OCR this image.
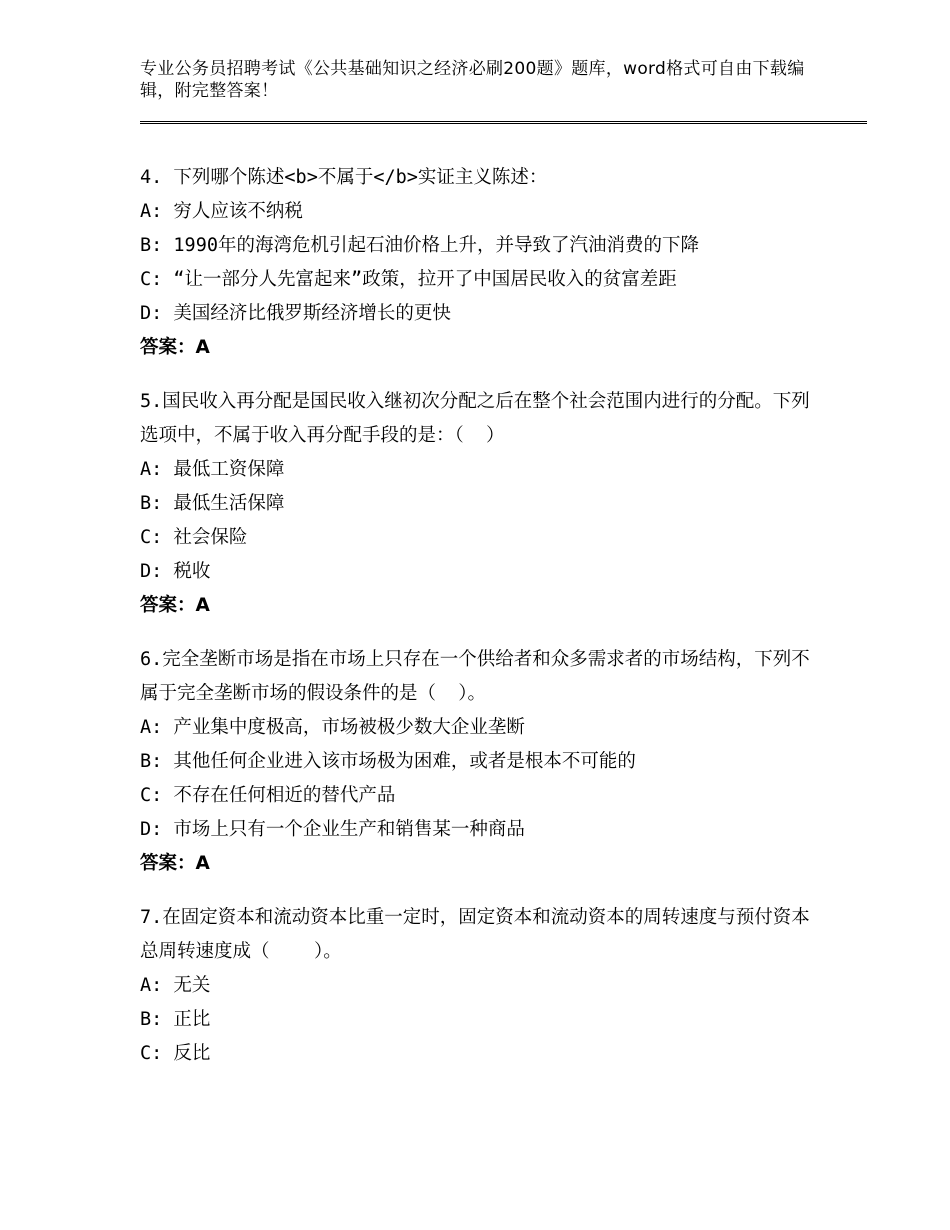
专业公务员招聘考试《公共基础知识之经济必刷200题》题库，word格式可自由下载编辑，附完整答案！
4. 下列哪个陈述<b>不属于</b>实证主义陈述：
A: 穷人应该不纳税
B: 1990年的海湾危机引起石油价格上升，并导致了汽油消费的下降
C: “让一部分人先富起来”政策，拉开了中国居民收入的贫富差距
D: 美国经济比俄罗斯经济增长的更快
答案：A
5.国民收入再分配是国民收入继初次分配之后在整个社会范围内进行的分配。下列选项中，不属于收入再分配手段的是：（  ）
A: 最低工资保障
B: 最低生活保障
C: 社会保险
D: 税收
答案：A
6.完全垄断市场是指在市场上只存在一个供给者和众多需求者的市场结构，下列不属于完全垄断市场的假设条件的是（  ）。
A: 产业集中度极高，市场被极少数大企业垄断
B: 其他任何企业进入该市场极为困难，或者是根本不可能的
C: 不存在任何相近的替代产品
D: 市场上只有一个企业生产和销售某一种商品
答案：A
7.在固定资本和流动资本比重一定时，固定资本和流动资本的周转速度与预付资本总周转速度成（    ）。
A: 无关
B: 正比
C: 反比
